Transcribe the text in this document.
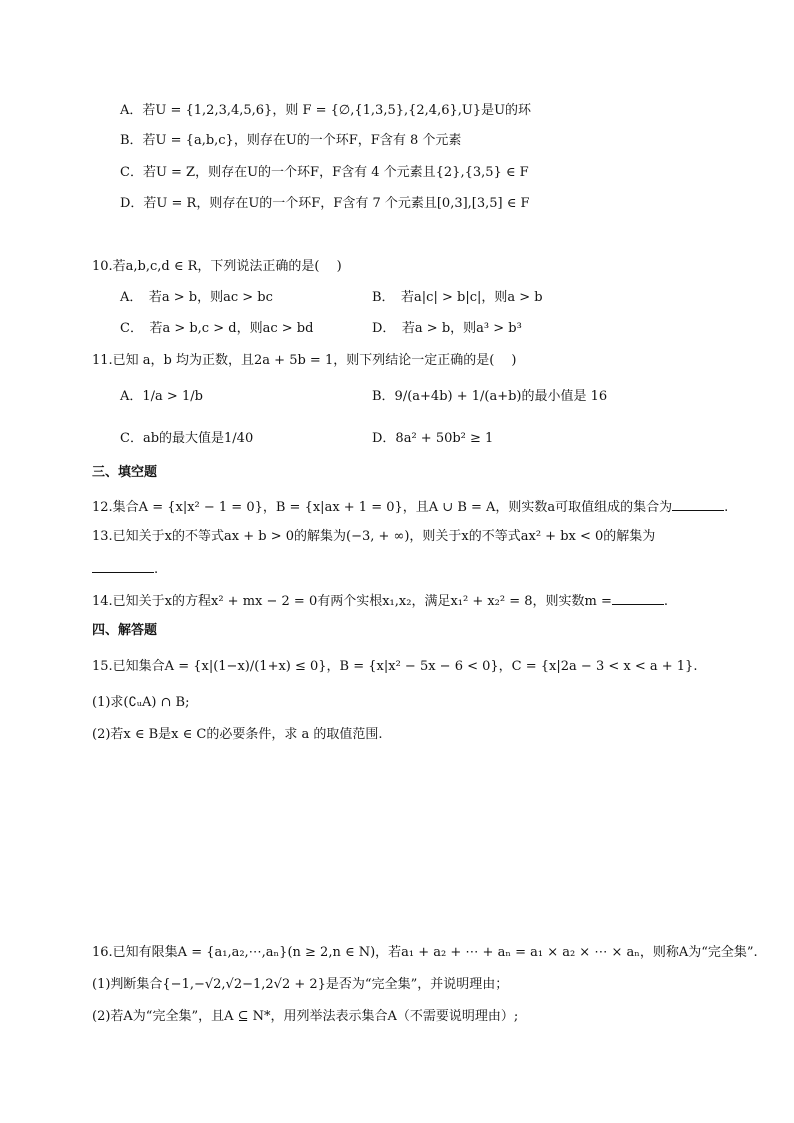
A．若U = {1,2,3,4,5,6}，则 F = {∅,{1,3,5},{2,4,6},U}是U的环
B．若U = {a,b,c}，则存在U的一个环F，F含有 8 个元素
C．若U = Z，则存在U的一个环F，F含有 4 个元素且{2},{3,5} ∈ F
D．若U = R，则存在U的一个环F，F含有 7 个元素且[0,3],[3,5] ∈ F
10.若a,b,c,d ∈ R，下列说法正确的是(　 )
A．　若a > b，则ac > bc	B．　若a|c| > b|c|，则a > b
C．　若a > b,c > d，则ac > bd	D．　若a > b，则a³ > b³
11.已知 a，b 均为正数，且2a + 5b = 1，则下列结论一定正确的是(　 )
A．1/a > 1/b	B．9/(a+4b) + 1/(a+b)的最小值是 16
C．ab的最大值是1/40	D．8a² + 50b² ≥ 1
三、填空题
12.集合A = {x|x² − 1 = 0}，B = {x|ax + 1 = 0}，且A ∪ B = A，则实数a可取值组成的集合为	.
13.已知关于x的不等式ax + b > 0的解集为(−3, + ∞)，则关于x的不等式ax² + bx < 0的解集为
.
14.已知关于x的方程x² + mx − 2 = 0有两个实根x₁,x₂，满足x₁² + x₂² = 8，则实数m =	.
四、解答题
15.已知集合A = {x|(1−x)/(1+x) ≤ 0}，B = {x|x² − 5x − 6 < 0}，C = {x|2a − 3 < x < a + 1}.
(1)求(∁ᵤA) ∩ B;
(2)若x ∈ B是x ∈ C的必要条件，求 a 的取值范围.
16.已知有限集A = {a₁,a₂,⋯,aₙ}(n ≥ 2,n ∈ N)，若a₁ + a₂ + ⋯ + aₙ = a₁ × a₂ × ⋯ × aₙ，则称A为“完全集”.
(1)判断集合{−1,−√2,√2−1,2√2 + 2}是否为“完全集”，并说明理由；
(2)若A为“完全集”，且A ⊆ N*，用列举法表示集合A（不需要说明理由）;
